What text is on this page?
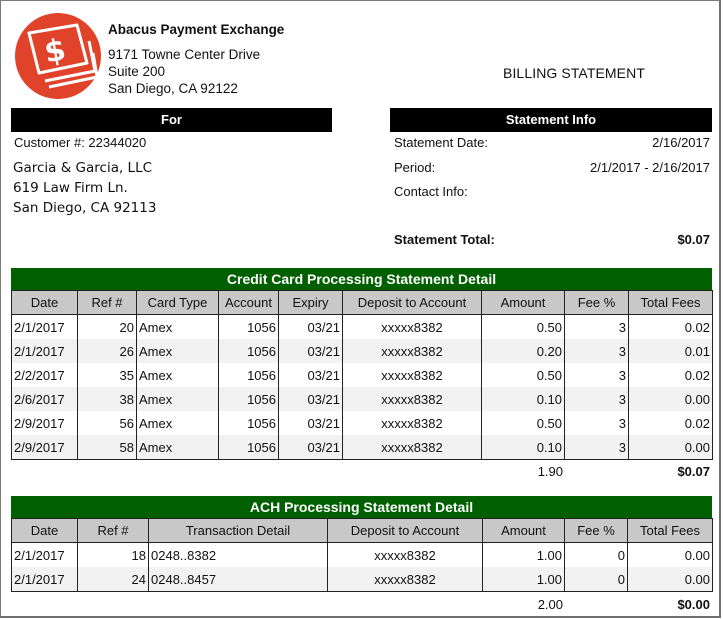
$
Abacus Payment Exchange
9171 Towne Center Drive
Suite 200
San Diego, CA 92122
BILLING STATEMENT
For	Statement Info
Customer #: 22344020
Garcia & Garcia, LLC
619 Law Firm Ln.
San Diego, CA 92113
Statement Date:	2/16/2017
Period:	2/1/2017 - 2/16/2017
Contact Info:
Statement Total:	$0.07
Credit Card Processing Statement Detail
Date	Ref #	Card Type	Account	Expiry	Deposit to Account	Amount	Fee %	Total Fees
2/1/2017	20	Amex	1056	03/21	xxxxx8382	0.50	3	0.02
2/1/2017	26	Amex	1056	03/21	xxxxx8382	0.20	3	0.01
2/2/2017	35	Amex	1056	03/21	xxxxx8382	0.50	3	0.02
2/6/2017	38	Amex	1056	03/21	xxxxx8382	0.10	3	0.00
2/9/2017	56	Amex	1056	03/21	xxxxx8382	0.50	3	0.02
2/9/2017	58	Amex	1056	03/21	xxxxx8382	0.10	3	0.00
1.90	$0.07
ACH Processing Statement Detail
Date	Ref #	Transaction Detail	Deposit to Account	Amount	Fee %	Total Fees
2/1/2017	18	0248..8382	xxxxx8382	1.00	0	0.00
2/1/2017	24	0248..8457	xxxxx8382	1.00	0	0.00
2.00	$0.00
